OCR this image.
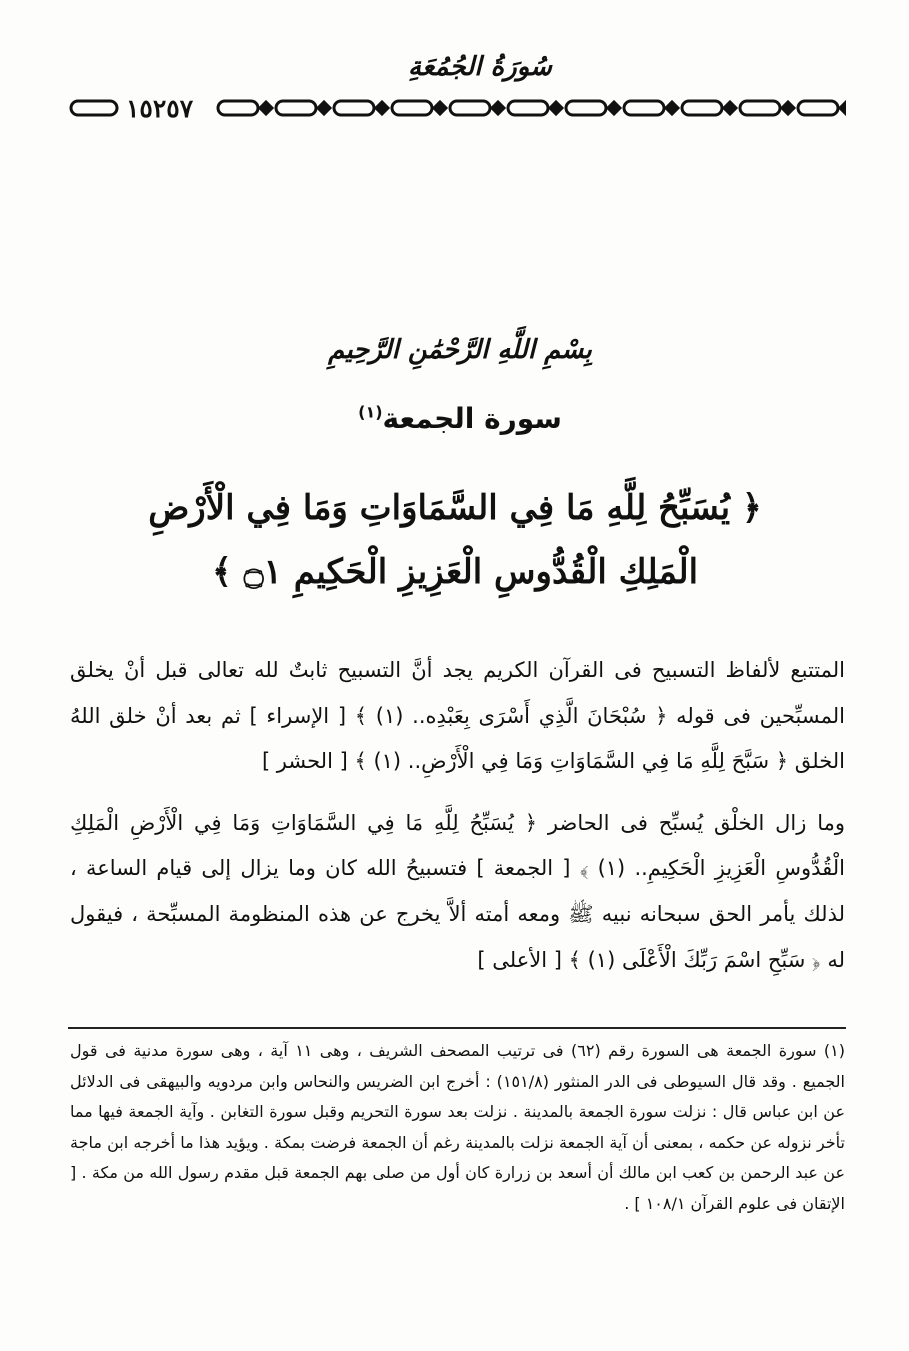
سُورَةُ الجُمُعَةِ
١٥٢٥٧
بِسْمِ اللَّهِ الرَّحْمَٰنِ الرَّحِيمِ
سورة الجمعة$^{(١)}$
﴿ يُسَبِّحُ لِلَّهِ مَا فِي السَّمَاوَاتِ وَمَا فِي الْأَرْضِ
الْمَلِكِ الْقُدُّوسِ الْعَزِيزِ الْحَكِيمِ ۝١ ﴾

المتتبع لألفاظ التسبيح فى القرآن الكريم يجد أنَّ التسبيح ثابتٌ لله تعالى قبل أنْ يخلق المسبِّحين فى قوله ﴿ سُبْحَانَ الَّذِي أَسْرَى بِعَبْدِه.. (١) ﴾ [ الإسراء ] ثم بعد أنْ خلق اللهُ الخلق ﴿ سَبَّحَ لِلَّهِ مَا فِي السَّمَاوَاتِ وَمَا فِي الْأَرْضِ.. (١) ﴾ [ الحشر ]

وما زال الخلْق يُسبِّح فى الحاضر ﴿ يُسَبِّحُ لِلَّهِ مَا فِي السَّمَاوَاتِ وَمَا فِي الْأَرْضِ الْمَلِكِ الْقُدُّوسِ الْعَزِيزِ الْحَكِيمِ.. (١) ﴾ [ الجمعة ] فتسبيحُ الله كان وما يزال إلى قيام الساعة ، لذلك يأمر الحق سبحانه نبيه ﷺ ومعه أمته ألاَّ يخرج عن هذه المنظومة المسبِّحة ، فيقول له ﴿ سَبِّحِ اسْمَ رَبِّكَ الْأَعْلَى (١) ﴾ [ الأعلى ]

(١) سورة الجمعة هى السورة رقم (٦٢) فى ترتيب المصحف الشريف ، وهى ١١ آية ، وهى سورة مدنية فى قول الجميع . وقد قال السيوطى فى الدر المنثور (١٥١/٨) : أخرج ابن الضريس والنحاس وابن مردويه والبيهقى فى الدلائل عن ابن عباس قال : نزلت سورة الجمعة بالمدينة . نزلت بعد سورة التحريم وقبل سورة التغابن . وآية الجمعة فيها مما تأخر نزوله عن حكمه ، بمعنى أن آية الجمعة نزلت بالمدينة رغم أن الجمعة فرضت بمكة . ويؤيد هذا ما أخرجه ابن ماجة عن عبد الرحمن بن كعب ابن مالك أن أسعد بن زرارة كان أول من صلى بهم الجمعة قبل مقدم رسول الله من مكة . [ الإتقان فى علوم القرآن ١٠٨/١ ] .
